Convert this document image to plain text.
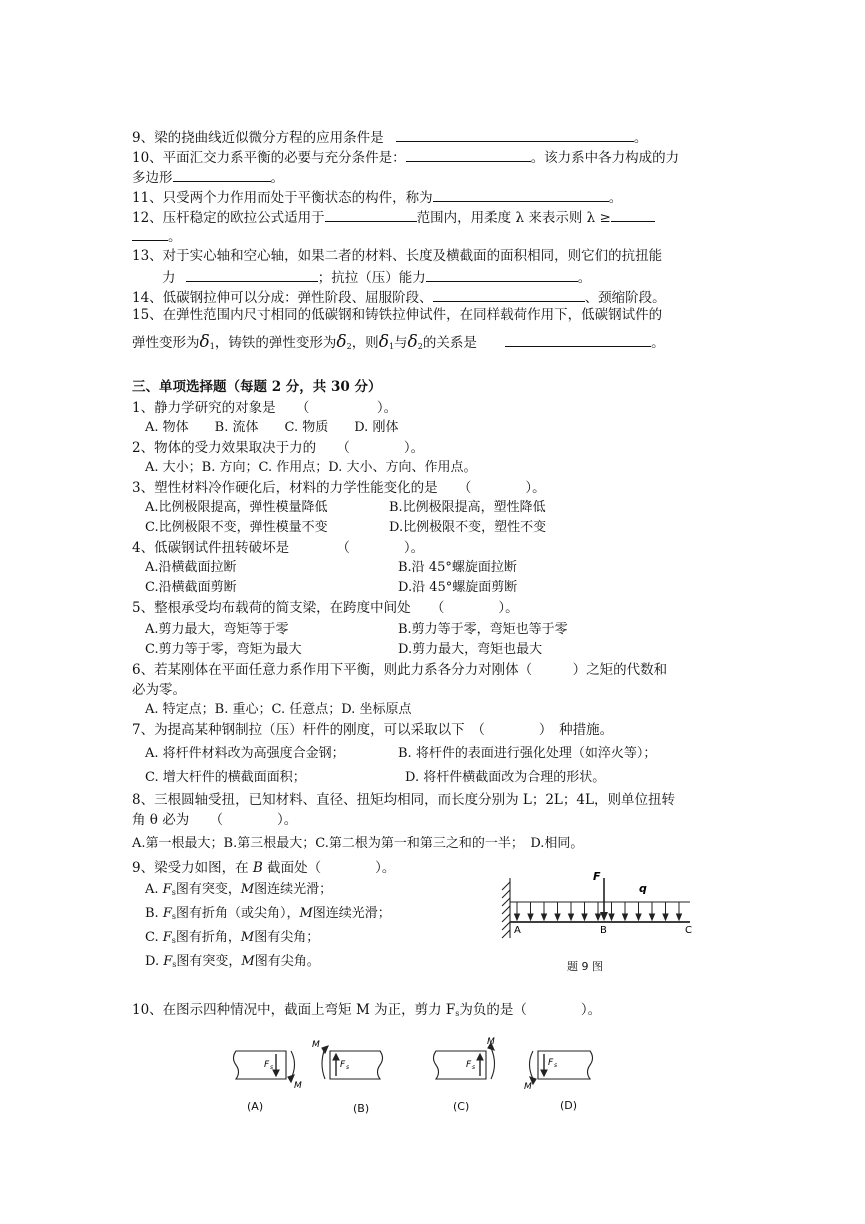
9、梁的挠曲线近似微分方程的应用条件是	。
10、平面汇交力系平衡的必要与充分条件是：	。该力系中各力构成的力
多边形	。
11、只受两个力作用而处于平衡状态的构件，称为	。
12、压杆稳定的欧拉公式适用于	范围内，用柔度 λ 来表示则 λ ≥
。
13、对于实心轴和空心轴，如果二者的材料、长度及横截面的面积相同，则它们的抗扭能
力	；抗拉（压）能力	。
14、低碳钢拉伸可以分成：弹性阶段、屈服阶段、	、颈缩阶段。
15、在弹性范围内尺寸相同的低碳钢和铸铁拉伸试件，在同样载荷作用下，低碳钢试件的
弹性变形为$\delta_1$，铸铁的弹性变形为$\delta_2$，则$\delta_1$与$\delta_2$的关系是	。
三、单项选择题（每题 2 分，共 30 分）
1、静力学研究的对象是　　（　　　　　）。
A. 物体　　B. 流体　　C. 物质　　D. 刚体
2、物体的受力效果取决于力的　　（　　　　）。
A. 大小；B. 方向；C. 作用点；D. 大小、方向、作用点。
3、塑性材料冷作硬化后，材料的力学性能变化的是　　（　　　　）。
A.比例极限提高，弹性模量降低	B.比例极限提高，塑性降低
C.比例极限不变，弹性模量不变	D.比例极限不变，塑性不变
4、低碳钢试件扭转破坏是　　　　（　　　　）。
A.沿横截面拉断	B.沿 45°螺旋面拉断
C.沿横截面剪断	D.沿 45°螺旋面剪断
5、整根承受均布载荷的简支梁，在跨度中间处　　（　　　　）。
A.剪力最大，弯矩等于零	B.剪力等于零，弯矩也等于零
C.剪力等于零，弯矩为最大	D.剪力最大，弯矩也最大
6、若某刚体在平面任意力系作用下平衡，则此力系各分力对刚体（　　　）之矩的代数和
必为零。
A. 特定点；B. 重心；C. 任意点；D. 坐标原点
7、为提高某种钢制拉（压）杆件的刚度，可以采取以下　（　　　　）　种措施。
A. 将杆件材料改为高强度合金钢；	B. 将杆件的表面进行强化处理（如淬火等）；
C. 增大杆件的横截面面积；	D. 将杆件横截面改为合理的形状。
8、三根圆轴受扭，已知材料、直径、扭矩均相同，而长度分别为 L；2L；4L，则单位扭转
角 θ 必为　　（　　　　）。
A.第一根最大；B.第三根最大；C.第二根为第一和第三之和的一半；　D.相同。
9、梁受力如图，在 B 截面处（　　　　）。
A. $F_s$图有突变，M图连续光滑；
B. $F_s$图有折角（或尖角），M图连续光滑；
C. $F_s$图有折角，M图有尖角；
D. $F_s$图有突变，M图有尖角。
F
q
A	B	C
题 9 图
10、在图示四种情况中，截面上弯矩 M 为正，剪力 $F_s$为负的是（　　　　）。
F s
M
M
F s
M
F s
M
F s
(A)	(B)	(C)	(D)
